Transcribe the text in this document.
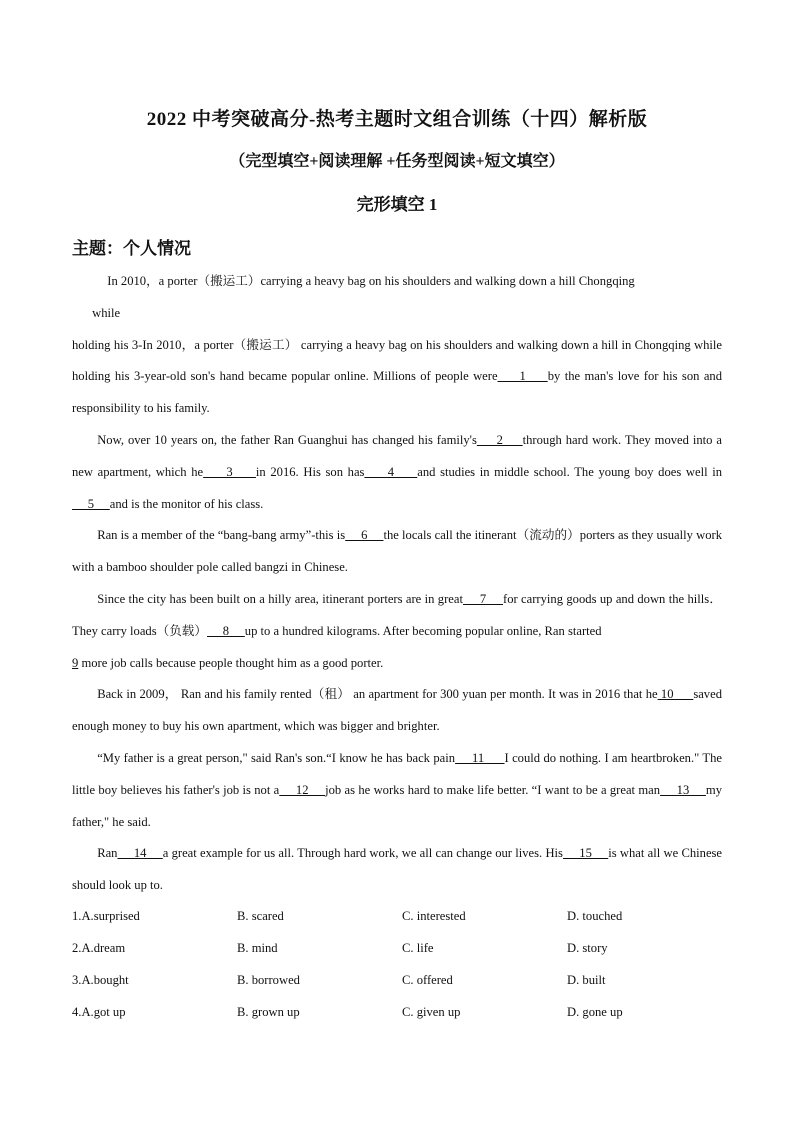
2022 中考突破高分-热考主题时文组合训练（十四）解析版
（完型填空+阅读理解 +任务型阅读+短文填空）
完形填空 1
主题：个人情况

In 2010，a porter（搬运工）carrying a heavy bag on his shoulders and walking down a hill Chongqing

while

holding his 3-In 2010，a porter（搬运工） carrying a heavy bag on his shoulders and walking down a hill in Chongqing while holding his 3-year-old son's hand became popular online. Millions of people were     1     by the man's love for his son and responsibility to his family.

Now, over 10 years on, the father Ran Guanghui has changed his family's     2     through hard work. They moved into a new apartment, which he     3     in 2016. His son has     4     and studies in middle school. The young boy does well in     5     and is the monitor of his class.

Ran is a member of the “bang-bang army”-this is     6     the locals call the itinerant（流动的）porters as they usually work with a bamboo shoulder pole called bangzi in Chinese.

Since the city has been built on a hilly area, itinerant porters are in great     7     for carrying goods up and down the hills． They carry loads（负载）     8     up to a hundred kilograms. After becoming popular online, Ran started
9 more job calls because people thought him as a good porter.

Back in 2009， Ran and his family rented（租） an apartment for 300 yuan per month. It was in 2016 that he 10      saved enough money to buy his own apartment, which was bigger and brighter.

“My father is a great person," said Ran's son.“I know he has back pain     11      I could do nothing. I am heartbroken." The little boy believes his father's job is not a     12     job as he works hard to make life better. “I want to be a great man     13     my father," he said.

Ran     14     a great example for us all. Through hard work, we all can change our lives. His     15     is what all we Chinese should look up to.

1.A.surprised	B. scared	C. interested	D. touched
2.A.dream	B. mind	C. life	D. story
3.A.bought	B. borrowed	C. offered	D. built
4.A.got up	B. grown up	C. given up	D. gone up
